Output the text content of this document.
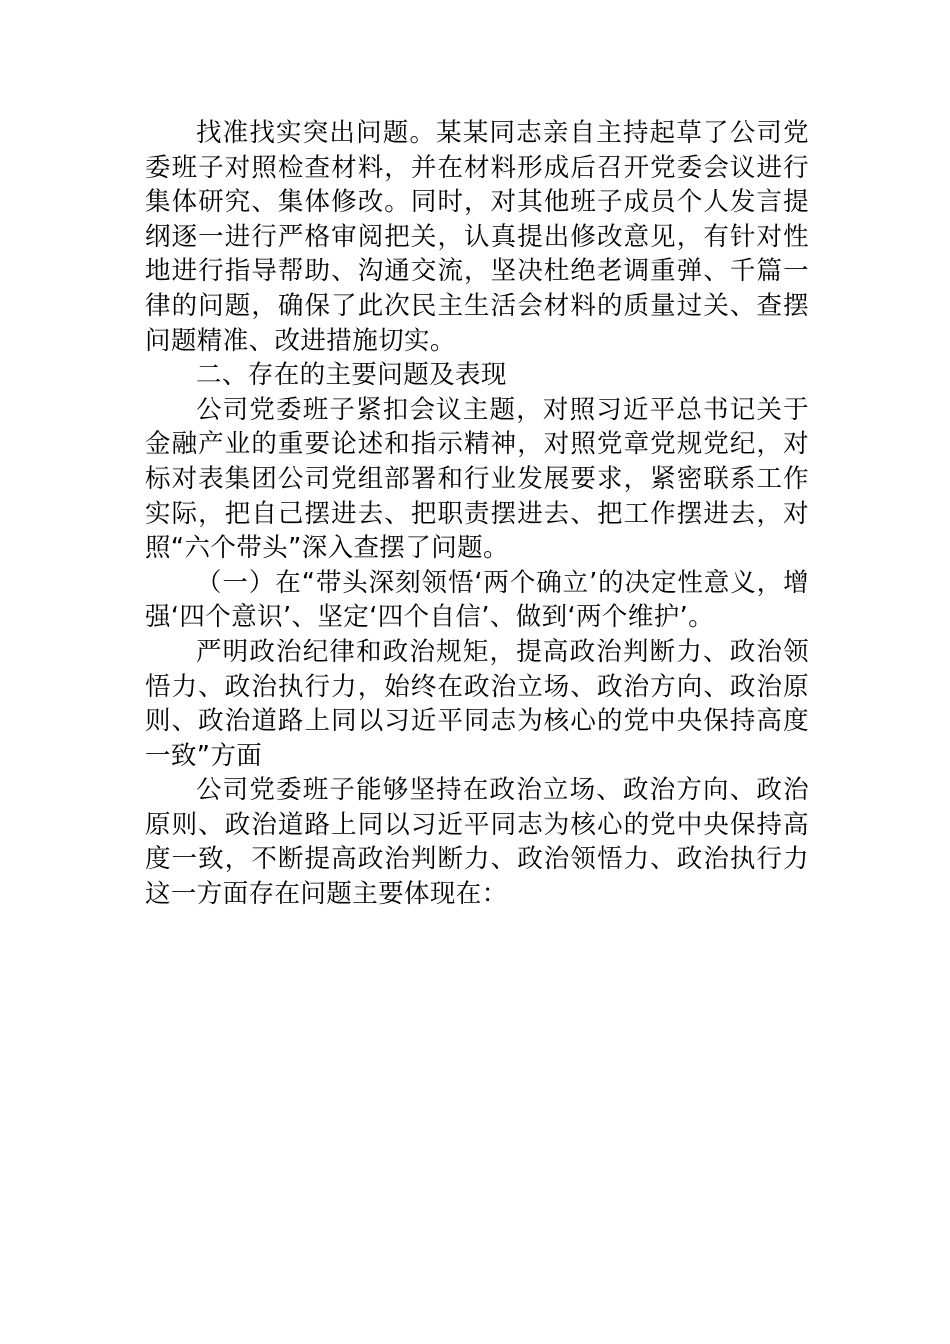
找准找实突出问题。某某同志亲自主持起草了公司党委班子对照检查材料，并在材料形成后召开党委会议进行集体研究、集体修改。同时，对其他班子成员个人发言提纲逐一进行严格审阅把关，认真提出修改意见，有针对性地进行指导帮助、沟通交流，坚决杜绝老调重弹、千篇一律的问题，确保了此次民主生活会材料的质量过关、查摆问题精准、改进措施切实。

二、存在的主要问题及表现

公司党委班子紧扣会议主题，对照习近平总书记关于金融产业的重要论述和指示精神，对照党章党规党纪，对标对表集团公司党组部署和行业发展要求，紧密联系工作实际，把自己摆进去、把职责摆进去、把工作摆进去，对照“六个带头”深入查摆了问题。

（一）在“带头深刻领悟‘两个确立’的决定性意义，增强‘四个意识’、坚定‘四个自信’、做到‘两个维护’。

严明政治纪律和政治规矩，提高政治判断力、政治领悟力、政治执行力，始终在政治立场、政治方向、政治原则、政治道路上同以习近平同志为核心的党中央保持高度一致”方面

公司党委班子能够坚持在政治立场、政治方向、政治原则、政治道路上同以习近平同志为核心的党中央保持高度一致，不断提高政治判断力、政治领悟力、政治执行力这一方面存在问题主要体现在：
